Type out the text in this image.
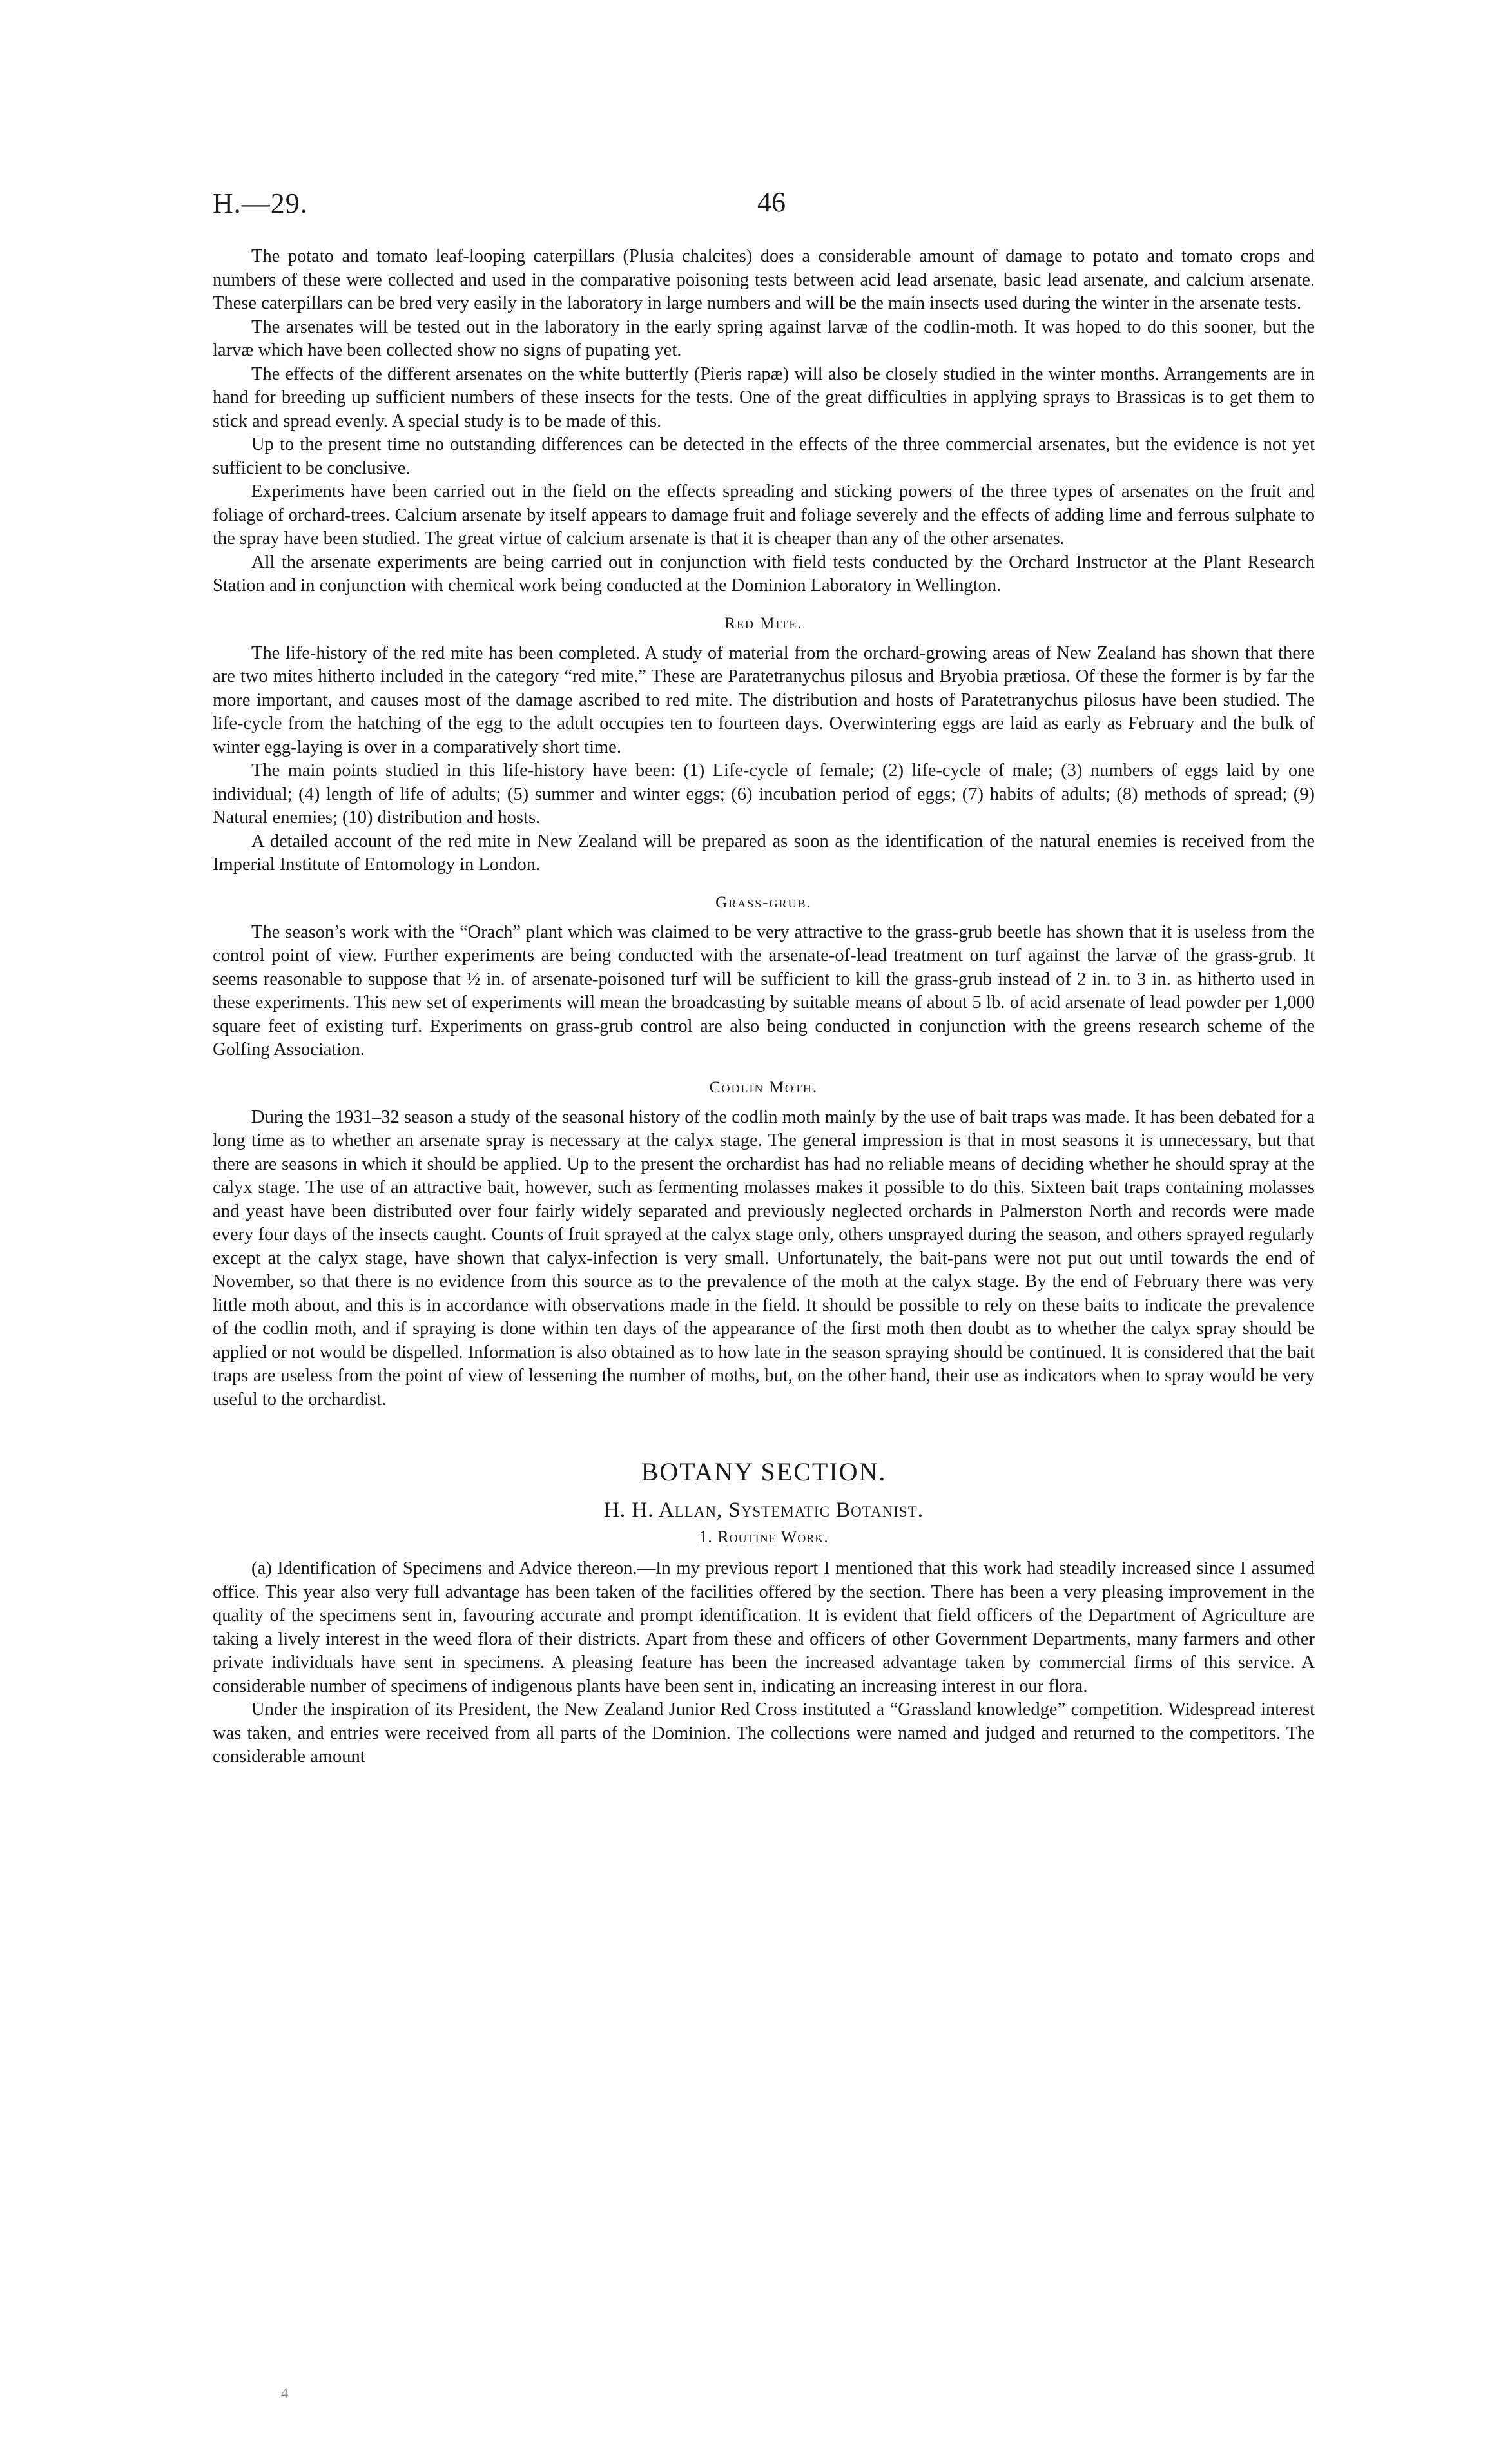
H.—29.	46

The potato and tomato leaf-looping caterpillars (Plusia chalcites) does a considerable amount of damage to potato and tomato crops and numbers of these were collected and used in the comparative poisoning tests between acid lead arsenate, basic lead arsenate, and calcium arsenate. These caterpillars can be bred very easily in the laboratory in large numbers and will be the main insects used during the winter in the arsenate tests.

The arsenates will be tested out in the laboratory in the early spring against larvæ of the codlin-moth. It was hoped to do this sooner, but the larvæ which have been collected show no signs of pupating yet.

The effects of the different arsenates on the white butterfly (Pieris rapæ) will also be closely studied in the winter months. Arrangements are in hand for breeding up sufficient numbers of these insects for the tests. One of the great difficulties in applying sprays to Brassicas is to get them to stick and spread evenly. A special study is to be made of this.

Up to the present time no outstanding differences can be detected in the effects of the three commercial arsenates, but the evidence is not yet sufficient to be conclusive.

Experiments have been carried out in the field on the effects spreading and sticking powers of the three types of arsenates on the fruit and foliage of orchard-trees. Calcium arsenate by itself appears to damage fruit and foliage severely and the effects of adding lime and ferrous sulphate to the spray have been studied. The great virtue of calcium arsenate is that it is cheaper than any of the other arsenates.

All the arsenate experiments are being carried out in conjunction with field tests conducted by the Orchard Instructor at the Plant Research Station and in conjunction with chemical work being conducted at the Dominion Laboratory in Wellington.

Red Mite.

The life-history of the red mite has been completed. A study of material from the orchard-growing areas of New Zealand has shown that there are two mites hitherto included in the category “red mite.” These are Paratetranychus pilosus and Bryobia prætiosa. Of these the former is by far the more important, and causes most of the damage ascribed to red mite. The distribution and hosts of Paratetranychus pilosus have been studied. The life-cycle from the hatching of the egg to the adult occupies ten to fourteen days. Overwintering eggs are laid as early as February and the bulk of winter egg-laying is over in a comparatively short time.

The main points studied in this life-history have been: (1) Life-cycle of female; (2) life-cycle of male; (3) numbers of eggs laid by one individual; (4) length of life of adults; (5) summer and winter eggs; (6) incubation period of eggs; (7) habits of adults; (8) methods of spread; (9) Natural enemies; (10) distribution and hosts.

A detailed account of the red mite in New Zealand will be prepared as soon as the identification of the natural enemies is received from the Imperial Institute of Entomology in London.

Grass-grub.

The season’s work with the “Orach” plant which was claimed to be very attractive to the grass-grub beetle has shown that it is useless from the control point of view. Further experiments are being conducted with the arsenate-of-lead treatment on turf against the larvæ of the grass-grub. It seems reasonable to suppose that ½ in. of arsenate-poisoned turf will be sufficient to kill the grass-grub instead of 2 in. to 3 in. as hitherto used in these experiments. This new set of experiments will mean the broadcasting by suitable means of about 5 lb. of acid arsenate of lead powder per 1,000 square feet of existing turf. Experiments on grass-grub control are also being conducted in conjunction with the greens research scheme of the Golfing Association.

Codlin Moth.

During the 1931–32 season a study of the seasonal history of the codlin moth mainly by the use of bait traps was made. It has been debated for a long time as to whether an arsenate spray is necessary at the calyx stage. The general impression is that in most seasons it is unnecessary, but that there are seasons in which it should be applied. Up to the present the orchardist has had no reliable means of deciding whether he should spray at the calyx stage. The use of an attractive bait, however, such as fermenting molasses makes it possible to do this. Sixteen bait traps containing molasses and yeast have been distributed over four fairly widely separated and previously neglected orchards in Palmerston North and records were made every four days of the insects caught. Counts of fruit sprayed at the calyx stage only, others unsprayed during the season, and others sprayed regularly except at the calyx stage, have shown that calyx-infection is very small. Unfortunately, the bait-pans were not put out until towards the end of November, so that there is no evidence from this source as to the prevalence of the moth at the calyx stage. By the end of February there was very little moth about, and this is in accordance with observations made in the field. It should be possible to rely on these baits to indicate the prevalence of the codlin moth, and if spraying is done within ten days of the appearance of the first moth then doubt as to whether the calyx spray should be applied or not would be dispelled. Information is also obtained as to how late in the season spraying should be continued. It is considered that the bait traps are useless from the point of view of lessening the number of moths, but, on the other hand, their use as indicators when to spray would be very useful to the orchardist.

BOTANY SECTION.
H. H. Allan, Systematic Botanist.
1. Routine Work.

(a) Identification of Specimens and Advice thereon.—In my previous report I mentioned that this work had steadily increased since I assumed office. This year also very full advantage has been taken of the facilities offered by the section. There has been a very pleasing improvement in the quality of the specimens sent in, favouring accurate and prompt identification. It is evident that field officers of the Department of Agriculture are taking a lively interest in the weed flora of their districts. Apart from these and officers of other Government Departments, many farmers and other private individuals have sent in specimens. A pleasing feature has been the increased advantage taken by commercial firms of this service. A considerable number of specimens of indigenous plants have been sent in, indicating an increasing interest in our flora.

Under the inspiration of its President, the New Zealand Junior Red Cross instituted a “Grassland knowledge” competition. Widespread interest was taken, and entries were received from all parts of the Dominion. The collections were named and judged and returned to the competitors. The considerable amount

4
